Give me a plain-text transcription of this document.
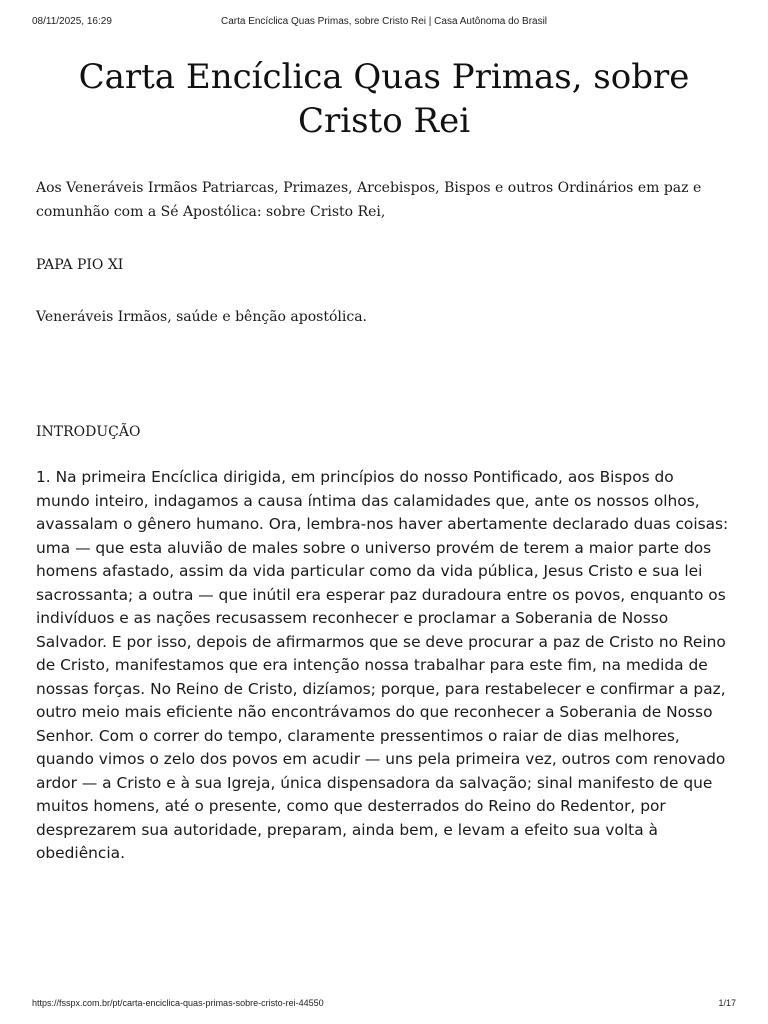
08/11/2025, 16:29	Carta Encíclica Quas Primas, sobre Cristo Rei | Casa Autônoma do Brasil
Carta Encíclica Quas Primas, sobre Cristo Rei

Aos Veneráveis Irmãos Patriarcas, Primazes, Arcebispos, Bispos e outros Ordinários em paz e comunhão com a Sé Apostólica: sobre Cristo Rei,

PAPA PIO XI

Veneráveis Irmãos, saúde e bênção apostólica.

INTRODUÇÃO

1. Na primeira Encíclica dirigida, em princípios do nosso Pontificado, aos Bispos do mundo inteiro, indagamos a causa íntima das calamidades que, ante os nossos olhos, avassalam o gênero humano. Ora, lembra-nos haver abertamente declarado duas coisas: uma — que esta aluvião de males sobre o universo provém de terem a maior parte dos homens afastado, assim da vida particular como da vida pública, Jesus Cristo e sua lei sacrossanta; a outra — que inútil era esperar paz duradoura entre os povos, enquanto os indivíduos e as nações recusassem reconhecer e proclamar a Soberania de Nosso Salvador. E por isso, depois de afirmarmos que se deve procurar a paz de Cristo no Reino de Cristo, manifestamos que era intenção nossa trabalhar para este fim, na medida de nossas forças. No Reino de Cristo, dizíamos; porque, para restabelecer e confirmar a paz, outro meio mais eficiente não encontrávamos do que reconhecer a Soberania de Nosso Senhor. Com o correr do tempo, claramente pressentimos o raiar de dias melhores, quando vimos o zelo dos povos em acudir — uns pela primeira vez, outros com renovado ardor — a Cristo e à sua Igreja, única dispensadora da salvação; sinal manifesto de que muitos homens, até o presente, como que desterrados do Reino do Redentor, por desprezarem sua autoridade, preparam, ainda bem, e levam a efeito sua volta à obediência.

https://fsspx.com.br/pt/carta-enciclica-quas-primas-sobre-cristo-rei-44550	1/17
